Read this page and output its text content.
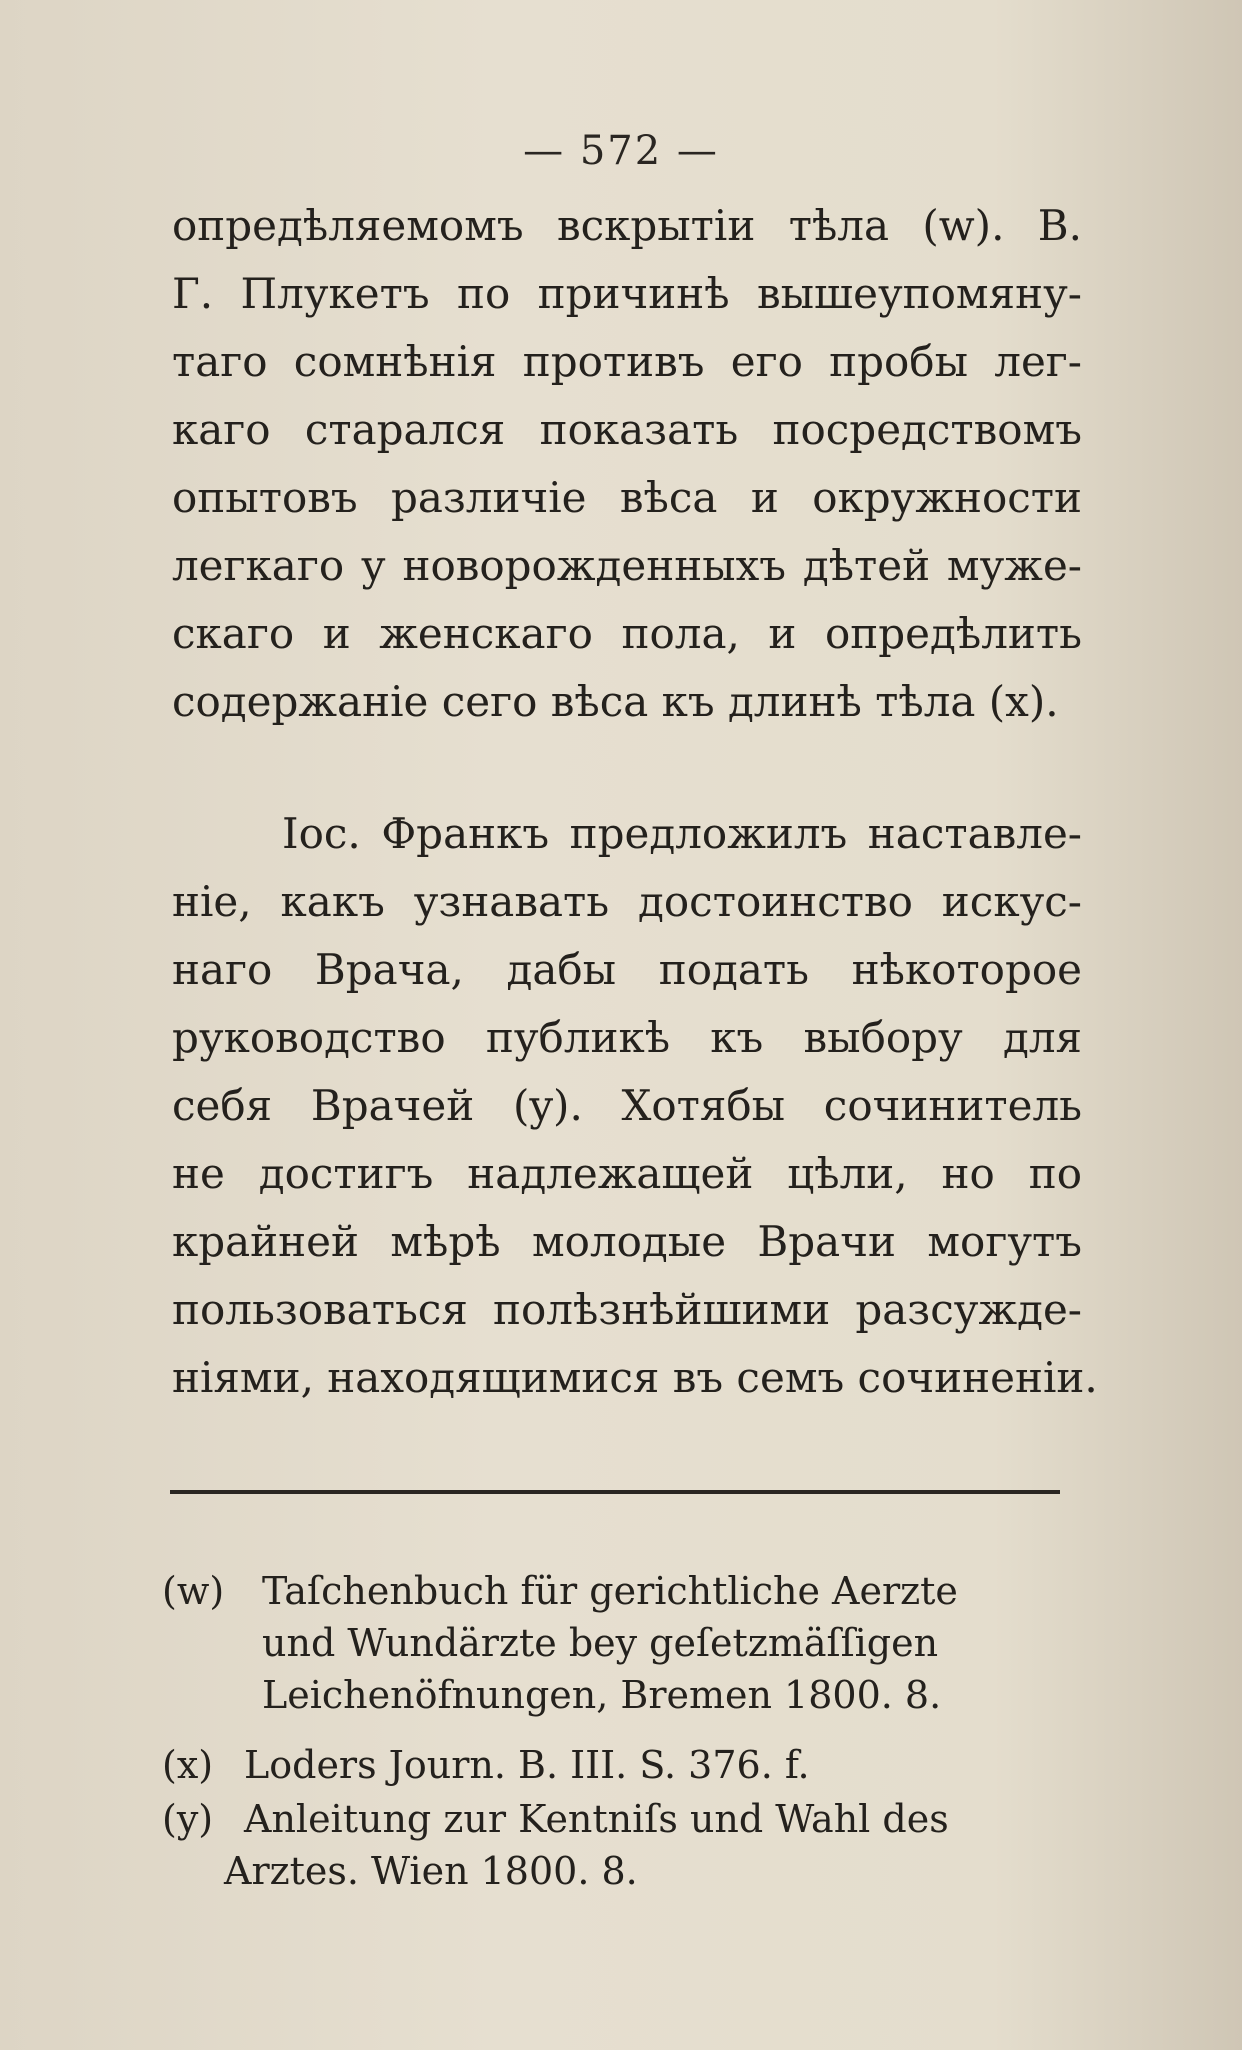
— 572 —
опредѣляемомъ вскрытіи тѣла (w). В.
Г. Плукетъ по причинѣ вышеупомяну-
таго сомнѣнія противъ его пробы лег-
каго старался показать посредствомъ
опытовъ различіе вѣса и окружности
легкаго у новорожденныхъ дѣтей муже-
скаго и женскаго пола, и опредѣлить
содержаніе сего вѣса къ длинѣ тѣла (x).
Іос. Франкъ предложилъ наставле-
ніе, какъ узнавать достоинство искус-
наго Врача, дабы подать нѣкоторое
руководство публикѣ къ выбору для
себя Врачей (y). Хотябы сочинитель
не достигъ надлежащей цѣли, но по
крайней мѣрѣ молодые Врачи могутъ
пользоваться полѣзнѣйшими разсужде-
ніями, находящимися въ семъ сочиненіи.
(w) Taſchenbuch für gerichtliche Aerzte
und Wundärzte bey geſetzmäſſigen
Leichenöfnungen, Bremen 1800. 8.
(x) Loders Journ. B. III. S. 376. f.
(y) Anleitung zur Kentniſs und Wahl des
Arztes. Wien 1800. 8.
